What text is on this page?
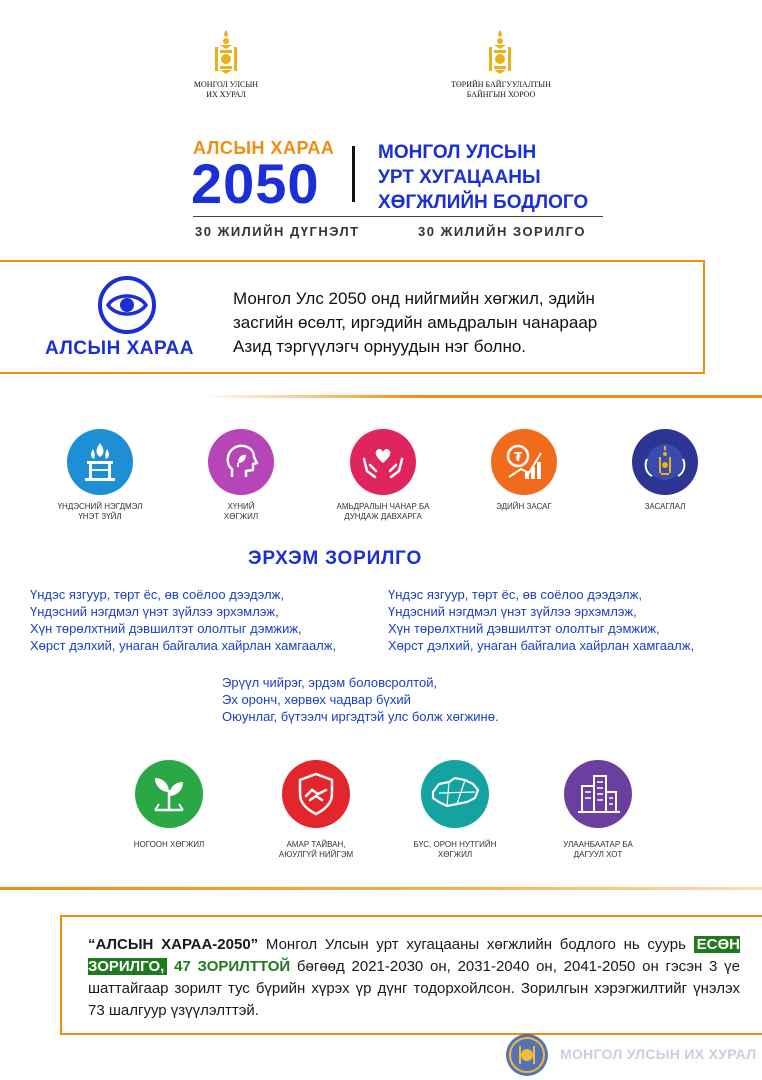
МОНГОЛ УЛСЫН
ИХ ХУРАЛ
ТӨРИЙН БАЙГУУЛАЛТЫН
БАЙНГЫН ХОРОО
АЛСЫН ХАРАА
2050	МОНГОЛ УЛСЫН
УРТ ХУГАЦААНЫ
ХӨГЖЛИЙН БОДЛОГО
30 ЖИЛИЙН ДҮГНЭЛТ	30 ЖИЛИЙН ЗОРИЛГО
АЛСЫН ХАРАА
Монгол Улс 2050 онд нийгмийн хөгжил, эдийн
засгийн өсөлт, иргэдийн амьдралын чанараар
Азид тэргүүлэгч орнуудын нэг болно.
ҮНДЭСНИЙ НЭГДМЭЛ
ҮНЭТ ЗҮЙЛ
ХҮНИЙ
ХӨГЖИЛ
АМЬДРАЛЫН ЧАНАР БА
ДУНДАЖ ДАВХАРГА
₮
ЭДИЙН ЗАСАГ	ЗАСАГЛАЛ
ЭРХЭМ ЗОРИЛГО
Үндэс язгуур, төрт ёс, өв соёлоо дээдэлж,
Үндэсний нэгдмэл үнэт зүйлээ эрхэмлэж,
Хүн төрөлхтний дэвшилтэт ололтыг дэмжиж,
Хөрст дэлхий, унаган байгалиа хайрлан хамгаалж,
Үндэс язгуур, төрт ёс, өв соёлоо дээдэлж,
Үндэсний нэгдмэл үнэт зүйлээ эрхэмлэж,
Хүн төрөлхтний дэвшилтэт ололтыг дэмжиж,
Хөрст дэлхий, унаган байгалиа хайрлан хамгаалж,
Эрүүл чийрэг, эрдэм боловсролтой,
Эх оронч, хөрвөх чадвар бүхий
Оюунлаг, бүтээлч иргэдтэй улс болж хөгжинө.
НОГООН ХӨГЖИЛ	АМАР ТАЙВАН,
АЮУЛГҮЙ НИЙГЭМ
БҮС, ОРОН НУТГИЙН
ХӨГЖИЛ
УЛААНБААТАР БА
ДАГУУЛ ХОТ
“АЛСЫН ХАРАА-2050” Монгол Улсын урт хугацааны хөгжлийн бодлого нь суурь ЕСӨН ЗОРИЛГО, 47 ЗОРИЛТТОЙ бөгөөд 2021-2030 он, 2031-2040 он, 2041-2050 он гэсэн 3 үе шаттайгаар зорилт тус бүрийн хүрэх үр дүнг тодорхойлсон. Зорилгын хэрэгжилтийг үнэлэх 73 шалгуур үзүүлэлттэй.
МОНГОЛ УЛСЫН ИХ ХУРАЛ
